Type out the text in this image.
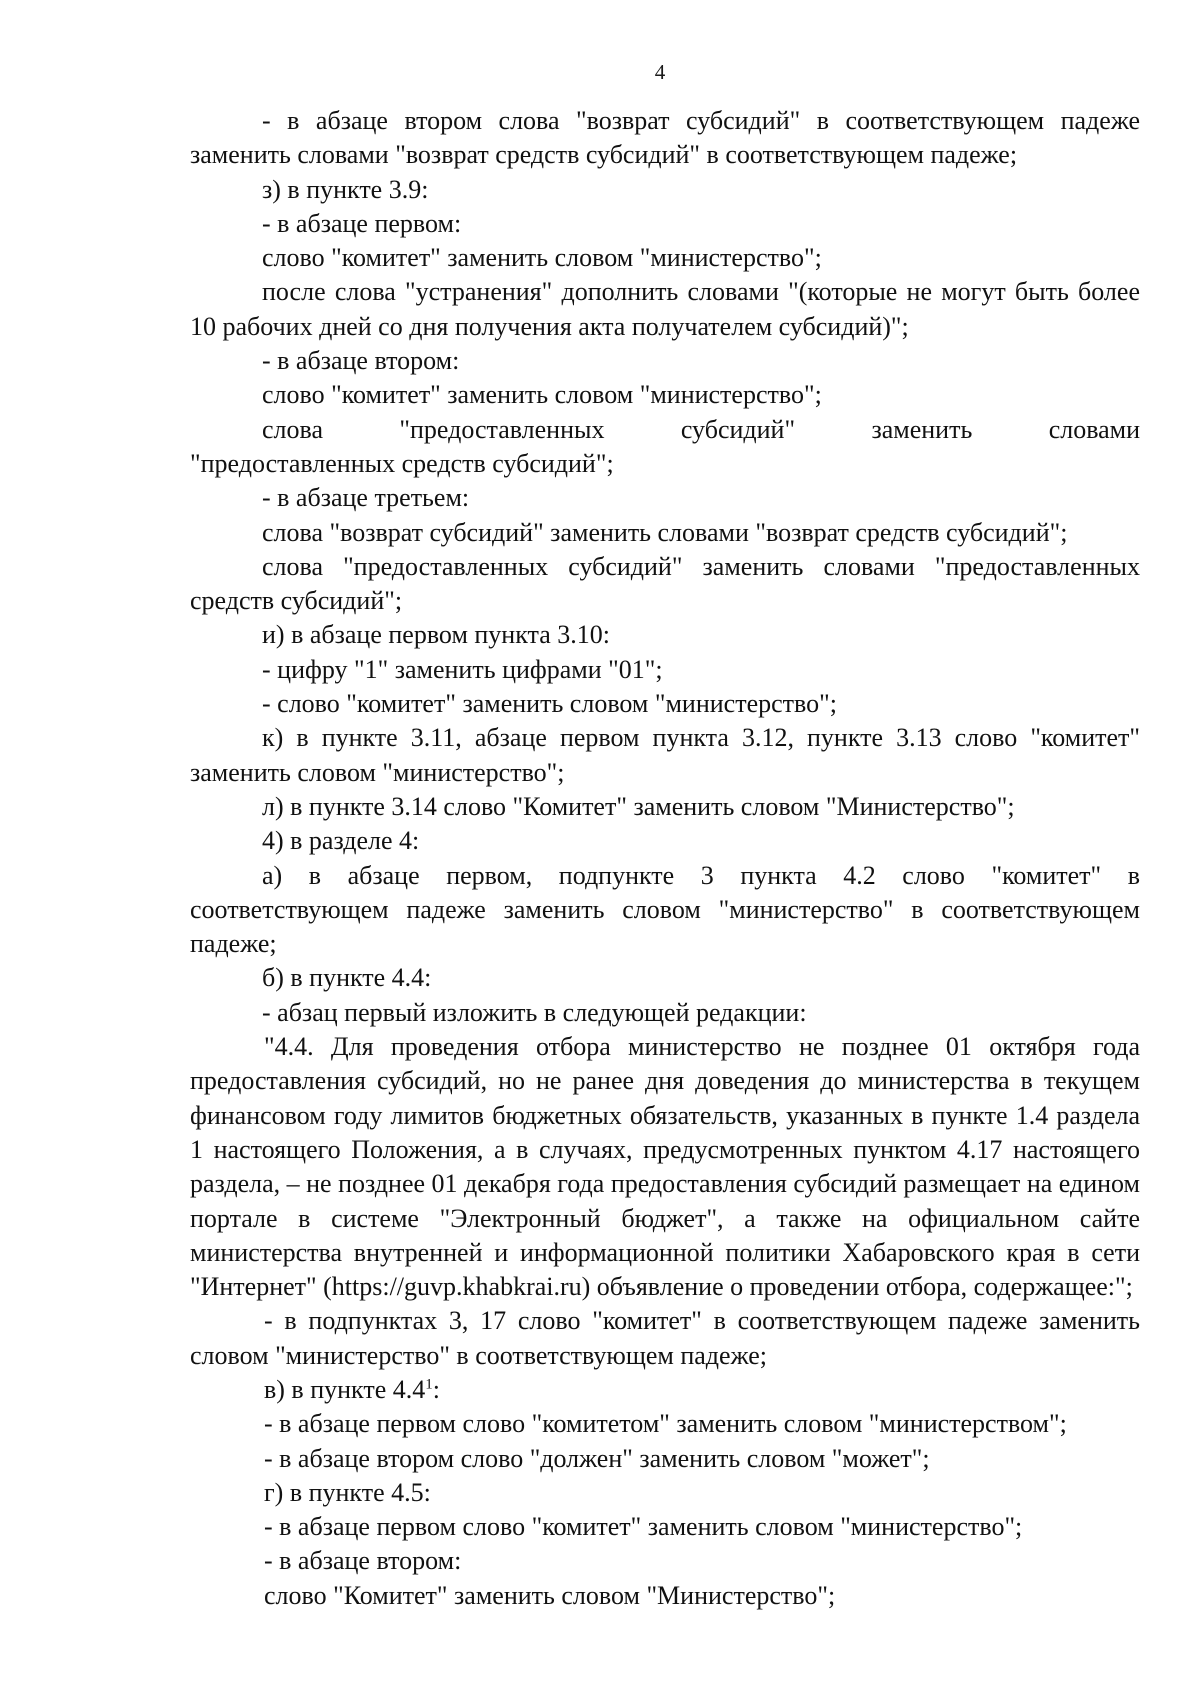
4

- в абзаце втором слова "возврат субсидий" в соответствующем падеже заменить словами "возврат средств субсидий" в соответствующем падеже;

з) в пункте 3.9:

- в абзаце первом:

слово "комитет" заменить словом "министерство";

после слова "устранения" дополнить словами "(которые не могут быть более 10 рабочих дней со дня получения акта получателем субсидий)";

- в абзаце втором:

слово "комитет" заменить словом "министерство";

слова	"предоставленных	субсидий"	заменить	словами

"предоставленных средств субсидий";

- в абзаце третьем:

слова "возврат субсидий" заменить словами "возврат средств субсидий";

слова "предоставленных субсидий" заменить словами "предоставленных средств субсидий";

и) в абзаце первом пункта 3.10:

- цифру "1" заменить цифрами "01";

- слово "комитет" заменить словом "министерство";

к) в пункте 3.11, абзаце первом пункта 3.12, пункте 3.13 слово "комитет" заменить словом "министерство";

л) в пункте 3.14 слово "Комитет" заменить словом "Министерство";

4) в разделе 4:

а) в абзаце первом, подпункте 3 пункта 4.2 слово "комитет" в соответствующем падеже заменить словом "министерство" в соответствующем падеже;

б) в пункте 4.4:

- абзац первый изложить в следующей редакции:

"4.4. Для проведения отбора министерство не позднее 01 октября года предоставления субсидий, но не ранее дня доведения до министерства в текущем финансовом году лимитов бюджетных обязательств, указанных в пункте 1.4 раздела 1 настоящего Положения, а в случаях, предусмотренных пунктом 4.17 настоящего раздела, – не позднее 01 декабря года предоставления субсидий размещает на едином портале в системе "Электронный бюджет", а также на официальном сайте министерства внутренней и информационной политики Хабаровского края в сети "Интернет" (https://guvp.khabkrai.ru) объявление о проведении отбора, содержащее:";

- в подпунктах 3, 17 слово "комитет" в соответствующем падеже заменить словом "министерство" в соответствующем падеже;

в) в пункте $4.4^1$:

- в абзаце первом слово "комитетом" заменить словом "министерством";

- в абзаце втором слово "должен" заменить словом "может";

г) в пункте 4.5:

- в абзаце первом слово "комитет" заменить словом "министерство";

- в абзаце втором:

слово "Комитет" заменить словом "Министерство";
